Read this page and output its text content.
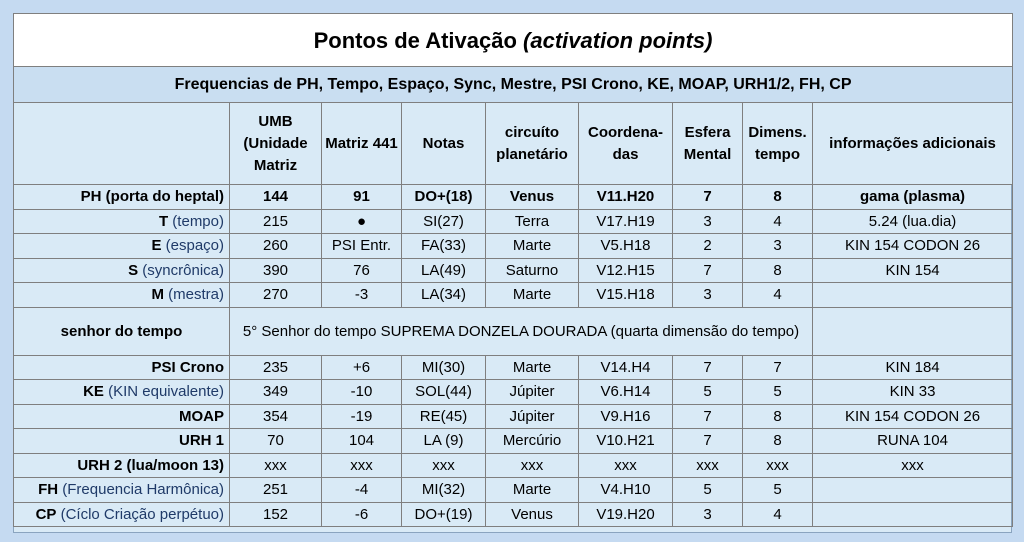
Pontos de Ativação (activation points)								
Frequencias de PH, Tempo, Espaço, Sync, Mestre, PSI Crono, KE, MOAP, URH1/2, FH, CP								
	UMB (Unidade Matriz	Matriz 441	Notas	circuíto planetário	Coordena-das	Esfera Mental	Dimens. tempo	informações adicionais
PH (porta do heptal)	144	91	DO+(18)	Venus	V11.H20	7	8	gama (plasma)
T (tempo)	215	●	SI(27)	Terra	V17.H19	3	4	5.24 (lua.dia)
E (espaço)	260	PSI Entr.	FA(33)	Marte	V5.H18	2	3	KIN 154 CODON 26
S (syncrônica)	390	76	LA(49)	Saturno	V12.H15	7	8	KIN 154
M (mestra)	270	-3	LA(34)	Marte	V15.H18	3	4	
senhor do tempo	5° Senhor do tempo SUPREMA DONZELA DOURADA (quarta dimensão do tempo)							
PSI Crono	235	+6	MI(30)	Marte	V14.H4	7	7	KIN 184
KE (KIN equivalente)	349	-10	SOL(44)	Júpiter	V6.H14	5	5	KIN 33
MOAP	354	-19	RE(45)	Júpiter	V9.H16	7	8	KIN 154 CODON 26
URH 1	70	104	LA (9)	Mercúrio	V10.H21	7	8	RUNA 104
URH 2 (lua/moon 13)	xxx	xxx	xxx	xxx	xxx	xxx	xxx	xxx
FH (Frequencia Harmônica)	251	-4	MI(32)	Marte	V4.H10	5	5	
CP (Cíclo Criação perpétuo)	152	-6	DO+(19)	Venus	V19.H20	3	4	
